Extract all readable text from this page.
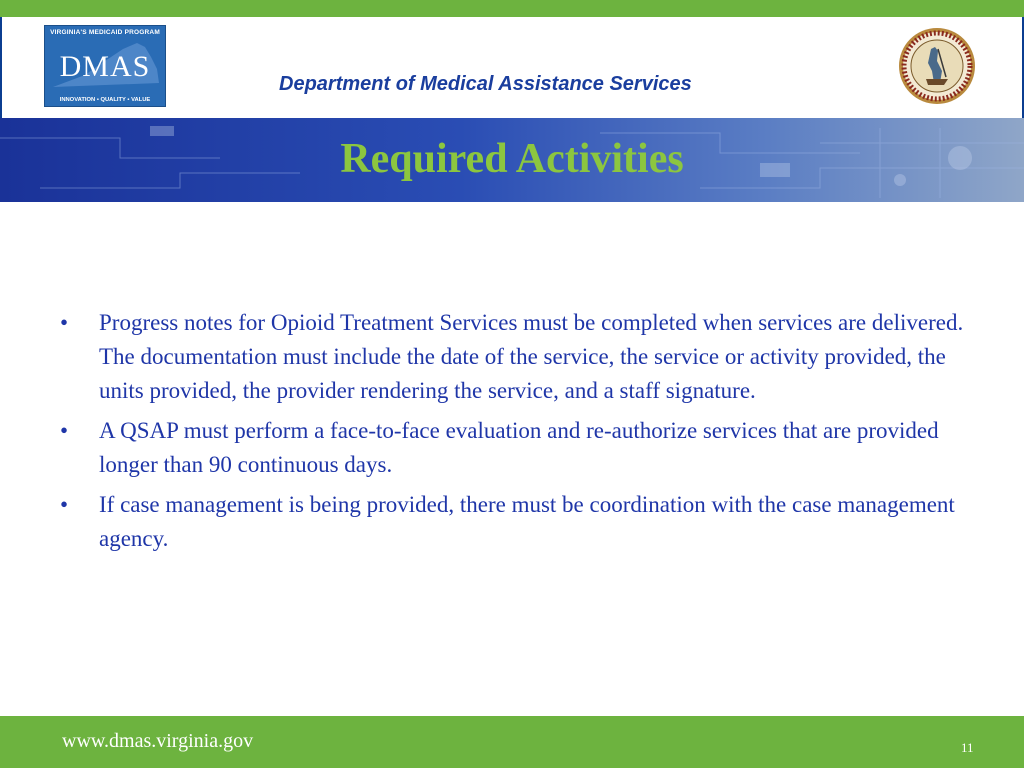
VIRGINIA'S MEDICAID PROGRAM
DMAS
INNOVATION • QUALITY • VALUE
Department of Medical Assistance Services
Required Activities
• Progress notes for Opioid Treatment Services must be completed when services are delivered. The documentation must include the date of the service, the service or activity provided, the units provided, the provider rendering the service, and a staff signature.
• A QSAP must perform a face-to-face evaluation and re-authorize services that are provided longer than 90 continuous days.
• If case management is being provided, there must be coordination with the case management agency.
www.dmas.virginia.gov	11
